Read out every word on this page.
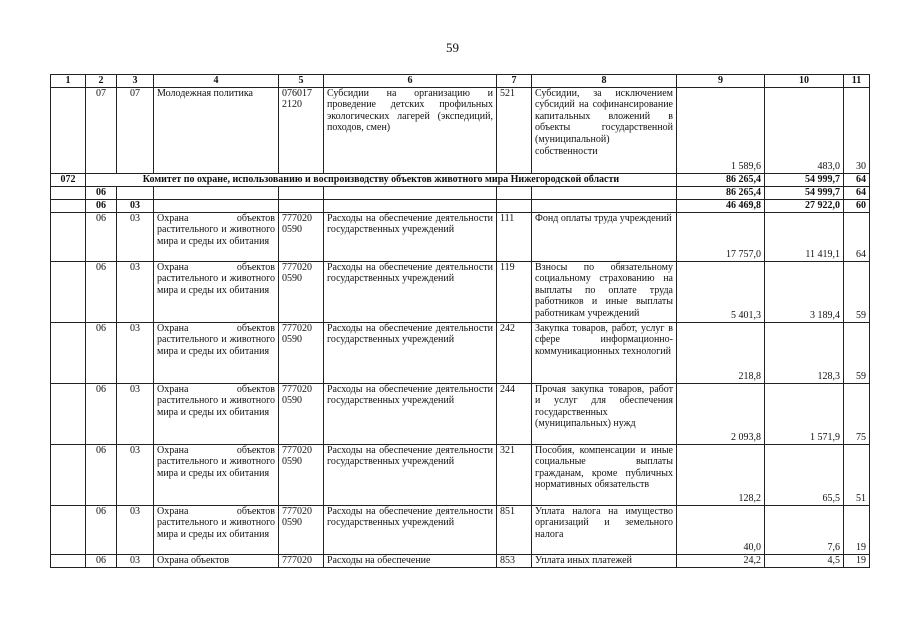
59
1	2	3	4	5	6	7	8	9	10	11
	07	07	Молодежная политика	076017 2120	Субсидии на организацию и проведение детских профильных экологических лагерей (экспедиций, походов, смен)	521	Субсидии, за исключением субсидий на софинансирование капитальных вложений в объекты государственной (муниципальной) собственности	1 589,6	483,0	30
072	Комитет по охране, использованию и воспроизводству объектов животного мира Нижегородской области							86 265,4	54 999,7	64
	06							86 265,4	54 999,7	64
	06	03						46 469,8	27 922,0	60
	06	03	Охрана объектов растительного и животного мира и среды их обитания	777020 0590	Расходы на обеспечение деятельности государственных учреждений	111	Фонд оплаты труда учреждений	17 757,0	11 419,1	64
	06	03	Охрана объектов растительного и животного мира и среды их обитания	777020 0590	Расходы на обеспечение деятельности государственных учреждений	119	Взносы по обязательному социальному страхованию на выплаты по оплате труда работников и иные выплаты работникам учреждений	5 401,3	3 189,4	59
	06	03	Охрана объектов растительного и животного мира и среды их обитания	777020 0590	Расходы на обеспечение деятельности государственных учреждений	242	Закупка товаров, работ, услуг в сфере информационно-коммуникационных технологий	218,8	128,3	59
	06	03	Охрана объектов растительного и животного мира и среды их обитания	777020 0590	Расходы на обеспечение деятельности государственных учреждений	244	Прочая закупка товаров, работ и услуг для обеспечения государственных (муниципальных) нужд	2 093,8	1 571,9	75
	06	03	Охрана объектов растительного и животного мира и среды их обитания	777020 0590	Расходы на обеспечение деятельности государственных учреждений	321	Пособия, компенсации и иные социальные выплаты гражданам, кроме публичных нормативных обязательств	128,2	65,5	51
	06	03	Охрана объектов растительного и животного мира и среды их обитания	777020 0590	Расходы на обеспечение деятельности государственных учреждений	851	Уплата налога на имущество организаций и земельного налога	40,0	7,6	19
	06	03	Охрана объектов	777020	Расходы на обеспечение	853	Уплата иных платежей	24,2	4,5	19
